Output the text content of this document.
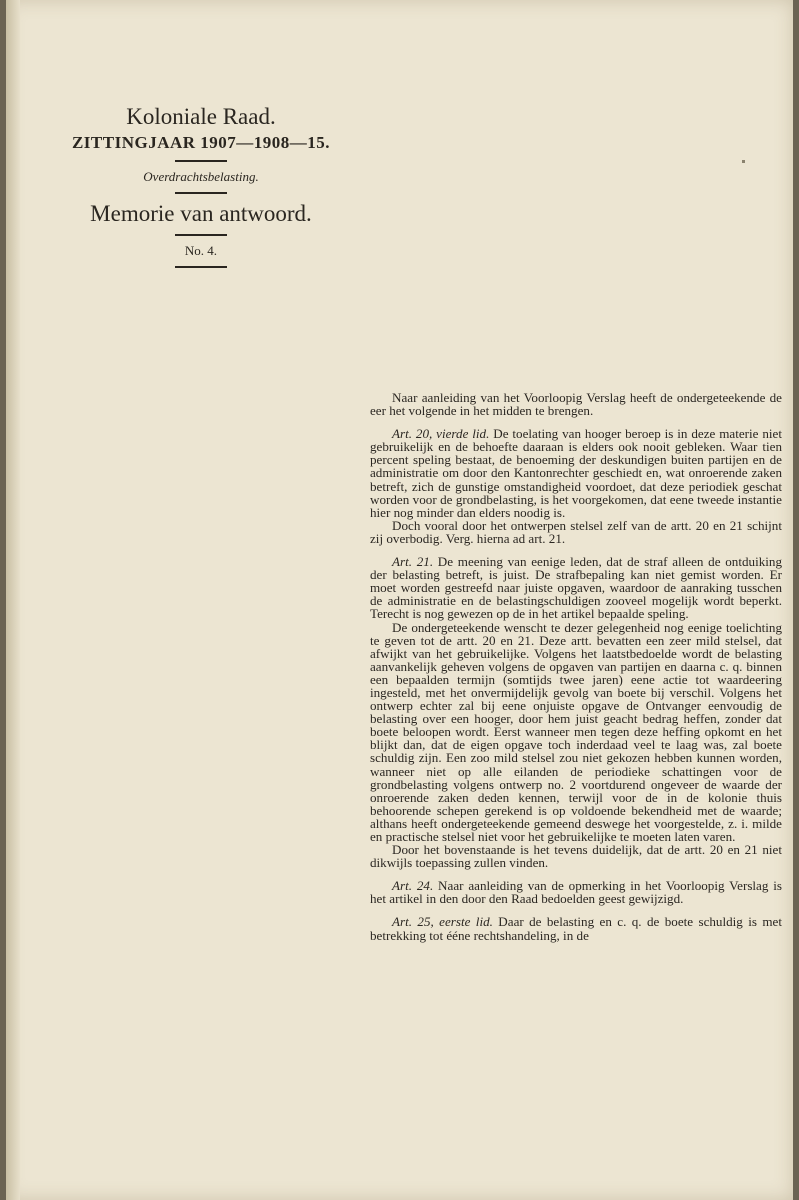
Koloniale Raad.
ZITTINGJAAR 1907—1908—15.
Overdrachtsbelasting.
Memorie van antwoord.
No. 4.

Naar aanleiding van het Voorloopig Verslag heeft de ondergeteekende de eer het volgende in het midden te brengen.

Art. 20, vierde lid. De toelating van hooger beroep is in deze materie niet gebruikelijk en de behoefte daaraan is elders ook nooit gebleken. Waar tien percent speling bestaat, de benoeming der deskundigen buiten partijen en de administratie om door den Kantonrechter geschiedt en, wat onroerende zaken betreft, zich de gunstige omstandigheid voordoet, dat deze periodiek geschat worden voor de grondbelasting, is het voorgekomen, dat eene tweede instantie hier nog minder dan elders noodig is.

Doch vooral door het ontwerpen stelsel zelf van de artt. 20 en 21 schijnt zij overbodig. Verg. hierna ad art. 21.

Art. 21. De meening van eenige leden, dat de straf alleen de ontduiking der belasting betreft, is juist. De strafbepaling kan niet gemist worden. Er moet worden gestreefd naar juiste opgaven, waardoor de aanraking tusschen de administratie en de belastingschuldigen zooveel mogelijk wordt beperkt. Terecht is nog gewezen op de in het artikel bepaalde speling.

De ondergeteekende wenscht te dezer gelegenheid nog eenige toelichting te geven tot de artt. 20 en 21. Deze artt. bevatten een zeer mild stelsel, dat afwijkt van het gebruikelijke. Volgens het laatstbedoelde wordt de belasting aanvankelijk geheven volgens de opgaven van partijen en daarna c. q. binnen een bepaalden termijn (somtijds twee jaren) eene actie tot waardeering ingesteld, met het onvermijdelijk gevolg van boete bij verschil. Volgens het ontwerp echter zal bij eene onjuiste opgave de Ontvanger eenvoudig de belasting over een hooger, door hem juist geacht bedrag heffen, zonder dat boete beloopen wordt. Eerst wanneer men tegen deze heffing opkomt en het blijkt dan, dat de eigen opgave toch inderdaad veel te laag was, zal boete schuldig zijn. Een zoo mild stelsel zou niet gekozen hebben kunnen worden, wanneer niet op alle eilanden de periodieke schattingen voor de grondbelasting volgens ontwerp no. 2 voortdurend ongeveer de waarde der onroerende zaken deden kennen, terwijl voor de in de kolonie thuis behoorende schepen gerekend is op voldoende bekendheid met de waarde; althans heeft ondergeteekende gemeend deswege het voorgestelde, z. i. milde en practische stelsel niet voor het gebruikelijke te moeten laten varen.

Door het bovenstaande is het tevens duidelijk, dat de artt. 20 en 21 niet dikwijls toepassing zullen vinden.

Art. 24. Naar aanleiding van de opmerking in het Voorloopig Verslag is het artikel in den door den Raad bedoelden geest gewijzigd.

Art. 25, eerste lid. Daar de belasting en c. q. de boete schuldig is met betrekking tot ééne rechtshandeling, in de
